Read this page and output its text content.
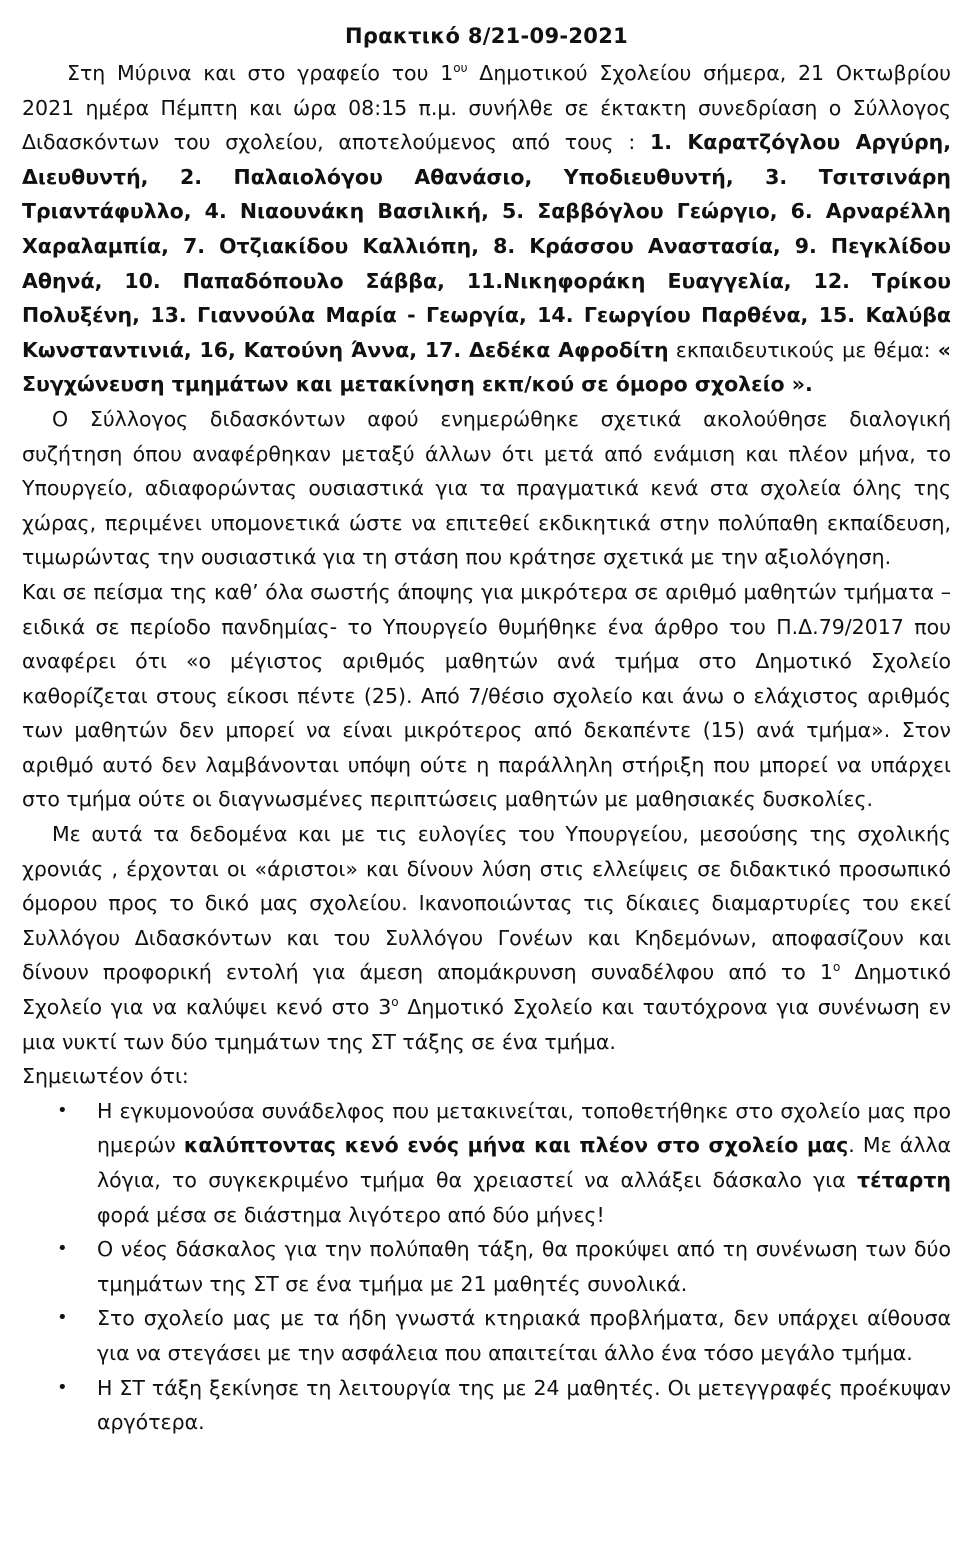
Πρακτικό 8/21-09-2021

Στη Μύρινα και στο γραφείο του $1^{o\upsilon}$ Δημοτικού Σχολείου σήμερα, 21 Οκτωβρίου 2021 ημέρα Πέμπτη και ώρα 08:15 π.μ. συνήλθε σε έκτακτη συνεδρίαση ο Σύλλογος Διδασκόντων του σχολείου, αποτελούμενος από τους : 1. Καρατζόγλου Αργύρη, Διευθυντή, 2. Παλαιολόγου Αθανάσιο, Υποδιευθυντή, 3. Τσιτσινάρη Τριαντάφυλλο, 4. Νιαουνάκη Βασιλική, 5. Σαββόγλου Γεώργιο, 6. Αρναρέλλη Χαραλαμπία, 7. Οτζιακίδου Καλλιόπη, 8. Κράσσου Αναστασία, 9. Πεγκλίδου Αθηνά, 10. Παπαδόπουλο Σάββα, 11.Νικηφοράκη Ευαγγελία, 12. Τρίκου Πολυξένη, 13. Γιαννούλα Μαρία - Γεωργία, 14. Γεωργίου Παρθένα, 15. Καλύβα Κωνσταντινιά, 16, Κατούνη Άννα, 17. Δεδέκα Αφροδίτη εκπαιδευτικούς με θέμα: « Συγχώνευση τμημάτων και μετακίνηση εκπ/κού σε όμορο σχολείο ».

Ο Σύλλογος διδασκόντων αφού ενημερώθηκε σχετικά ακολούθησε διαλογική συζήτηση όπου αναφέρθηκαν μεταξύ άλλων ότι μετά από ενάμιση και πλέον μήνα, το Υπουργείο, αδιαφορώντας ουσιαστικά για τα πραγματικά κενά στα σχολεία όλης της χώρας, περιμένει υπομονετικά ώστε να επιτεθεί εκδικητικά στην πολύπαθη εκπαίδευση, τιμωρώντας την ουσιαστικά για τη στάση που κράτησε σχετικά με την αξιολόγηση.

Και σε πείσμα της καθ’ όλα σωστής άποψης για μικρότερα σε αριθμό μαθητών τμήματα – ειδικά σε περίοδο πανδημίας- το Υπουργείο θυμήθηκε ένα άρθρο του Π.Δ.79/2017 που αναφέρει ότι «ο μέγιστος αριθμός μαθητών ανά τμήμα στο Δημοτικό Σχολείο καθορίζεται στους είκοσι πέντε (25). Από 7/θέσιο σχολείο και άνω ο ελάχιστος αριθμός των μαθητών δεν μπορεί να είναι μικρότερος από δεκαπέντε (15) ανά τμήμα». Στον αριθμό αυτό δεν λαμβάνονται υπόψη ούτε η παράλληλη στήριξη που μπορεί να υπάρχει στο τμήμα ούτε οι διαγνωσμένες περιπτώσεις μαθητών με μαθησιακές δυσκολίες.

Με αυτά τα δεδομένα και με τις ευλογίες του Υπουργείου, μεσούσης της σχολικής χρονιάς , έρχονται οι «άριστοι» και δίνουν λύση στις ελλείψεις σε διδακτικό προσωπικό όμορου προς το δικό μας σχολείου. Ικανοποιώντας τις δίκαιες διαμαρτυρίες του εκεί Συλλόγου Διδασκόντων και του Συλλόγου Γονέων και Κηδεμόνων, αποφασίζουν και δίνουν προφορική εντολή για άμεση απομάκρυνση συναδέλφου από το $1^o$ Δημοτικό Σχολείο για να καλύψει κενό στο $3^o$ Δημοτικό Σχολείο και ταυτόχρονα για συνένωση εν μια νυκτί των δύο τμημάτων της ΣΤ τάξης σε ένα τμήμα.

Σημειωτέον ότι:

• Η εγκυμονούσα συνάδελφος που μετακινείται, τοποθετήθηκε στο σχολείο μας προ ημερών καλύπτοντας κενό ενός μήνα και πλέον στο σχολείο μας. Με άλλα λόγια, το συγκεκριμένο τμήμα θα χρειαστεί να αλλάξει δάσκαλο για τέταρτη φορά μέσα σε διάστημα λιγότερο από δύο μήνες!
• Ο νέος δάσκαλος για την πολύπαθη τάξη, θα προκύψει από τη συνένωση των δύο τμημάτων της ΣΤ σε ένα τμήμα με 21 μαθητές συνολικά.
• Στο σχολείο μας με τα ήδη γνωστά κτηριακά προβλήματα, δεν υπάρχει αίθουσα για να στεγάσει με την ασφάλεια που απαιτείται άλλο ένα τόσο μεγάλο τμήμα.
• Η ΣΤ τάξη ξεκίνησε τη λειτουργία της με 24 μαθητές. Οι μετεγγραφές προέκυψαν αργότερα.
